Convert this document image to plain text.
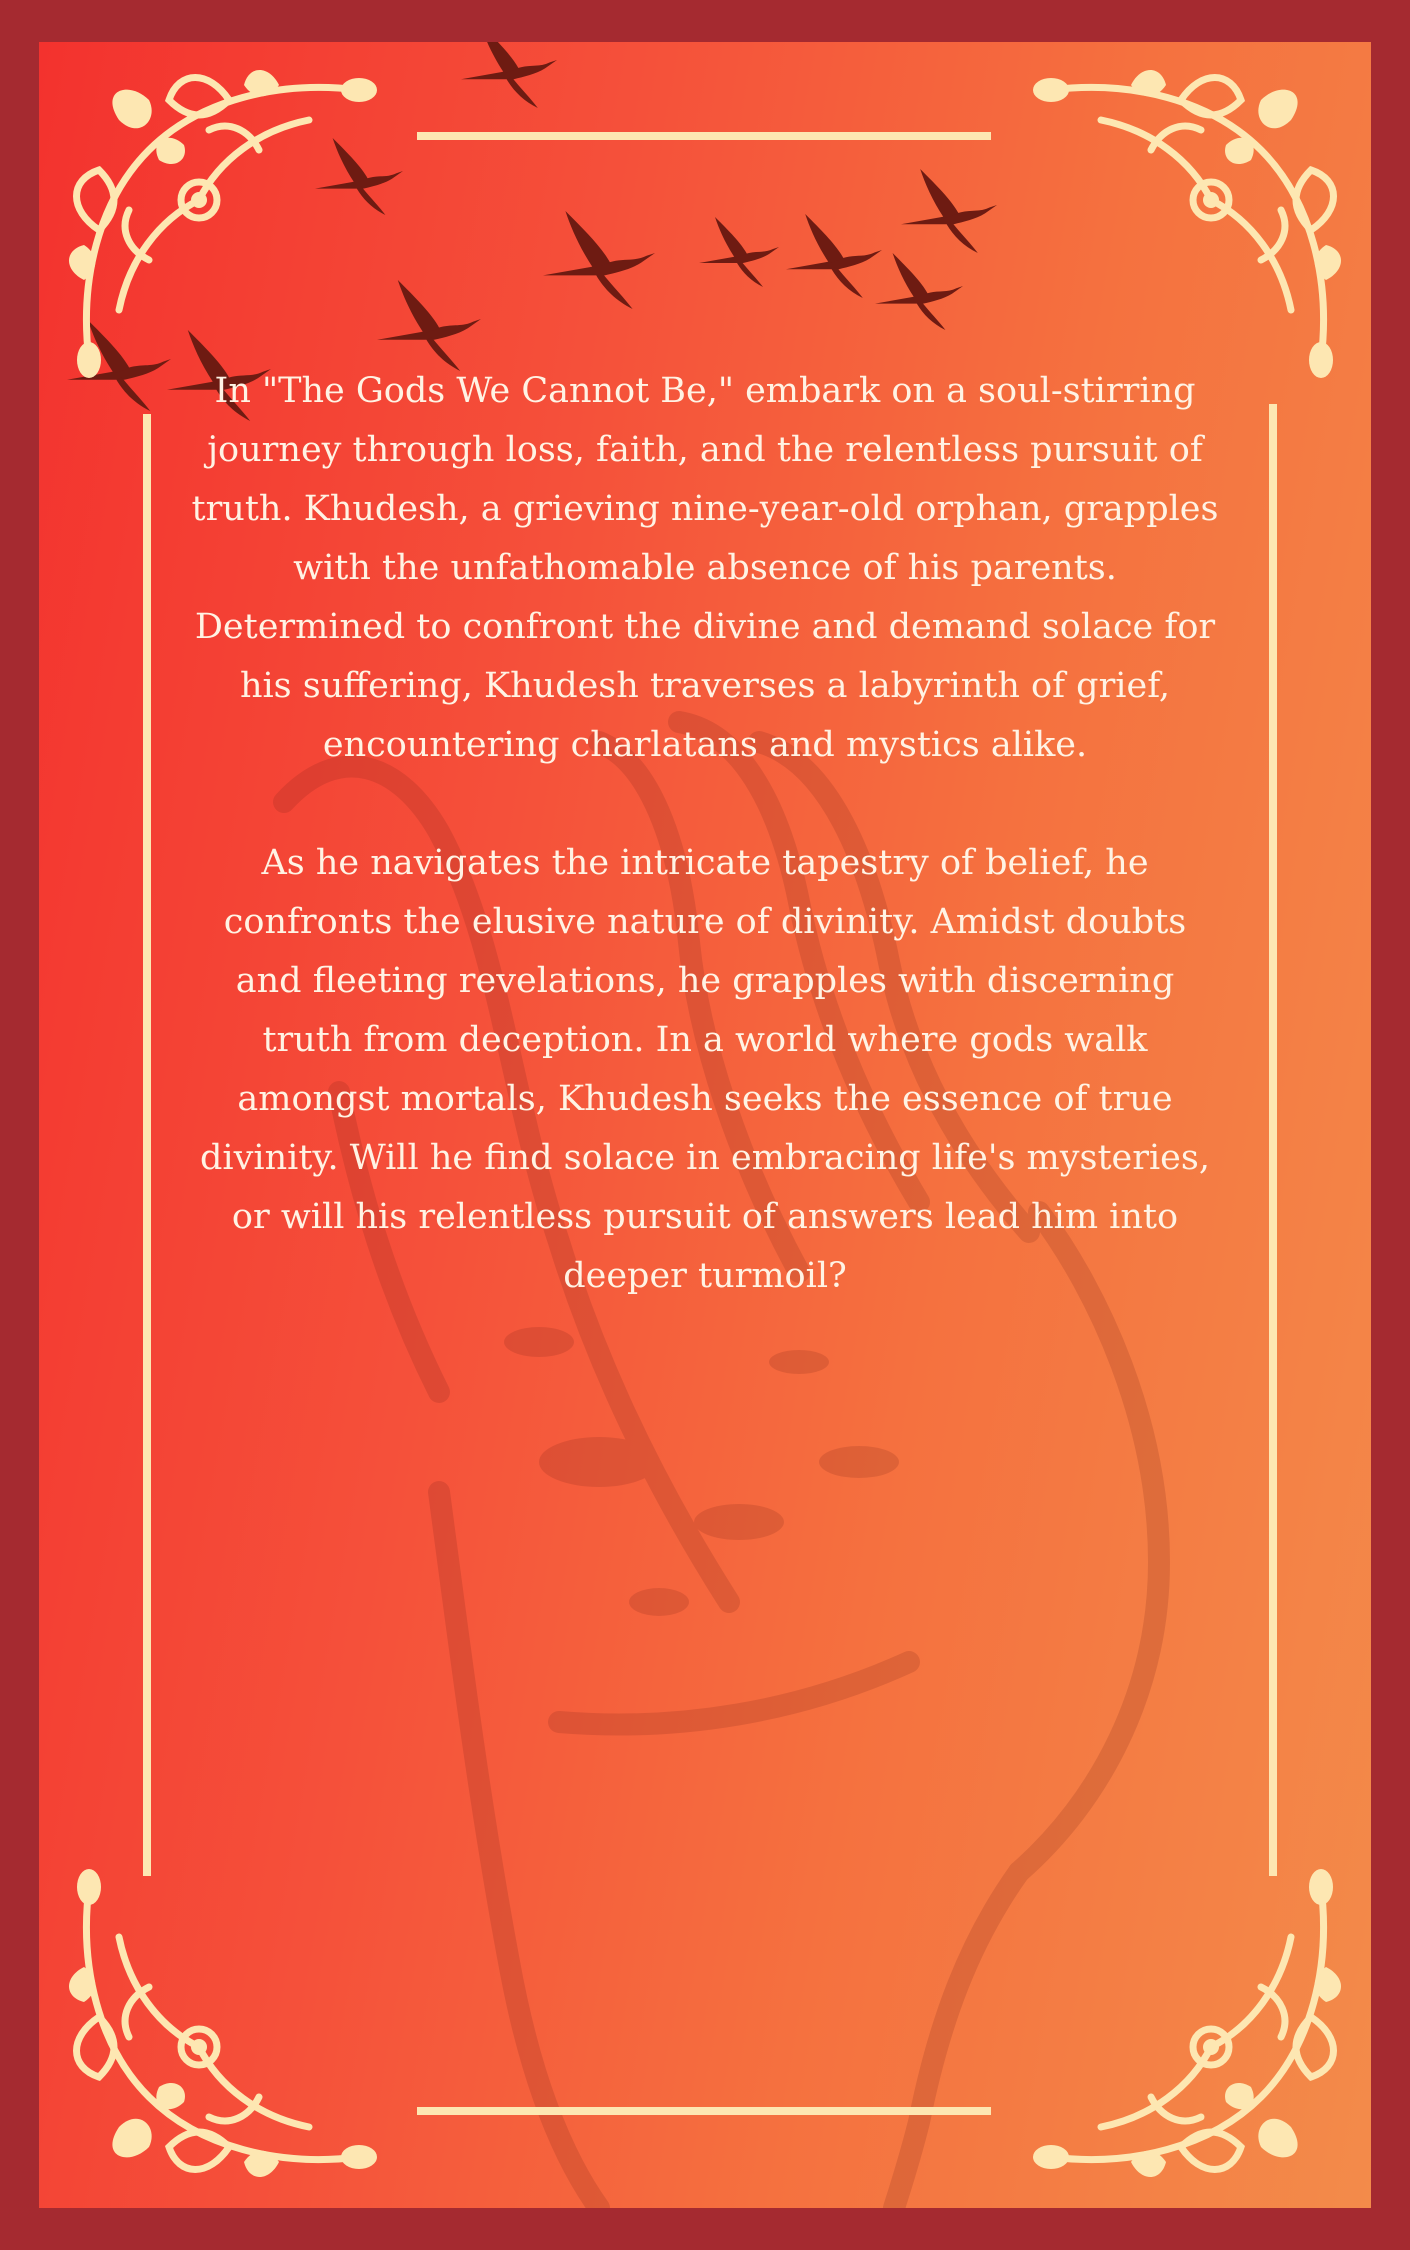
In "The Gods We Cannot Be," embark on a soul-stirring journey through loss, faith, and the relentless pursuit of truth. Khudesh, a grieving nine-year-old orphan, grapples with the unfathomable absence of his parents. Determined to confront the divine and demand solace for his suffering, Khudesh traverses a labyrinth of grief, encountering charlatans and mystics alike.

As he navigates the intricate tapestry of belief, he confronts the elusive nature of divinity. Amidst doubts and fleeting revelations, he grapples with discerning truth from deception. In a world where gods walk amongst mortals, Khudesh seeks the essence of true divinity. Will he find solace in embracing life's mysteries, or will his relentless pursuit of answers lead him into deeper turmoil?
